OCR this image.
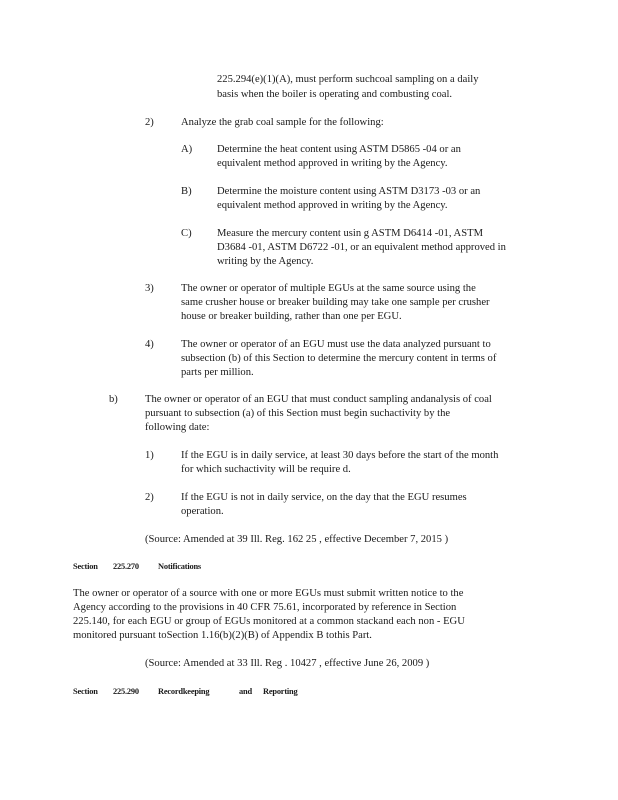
225.294(e)(1)(A), must perform suchcoal sampling on a daily
basis when the boiler is operating and combusting coal.
2)	Analyze the grab coal sample for the following:
A) Determine the heat content using ASTM D5865 -04 or an
equivalent method approved in writing by the Agency.
B) Determine the moisture content using ASTM D3173 -03 or an
equivalent method approved in writing by the Agency.
C) Measure the mercury content usin g ASTM D6414 -01, ASTM
D3684 -01, ASTM D6722 -01, or an equivalent method approved in
writing by the Agency.
3)	The owner or operator of multiple EGUs at the same source using the
same crusher house or breaker building may take one sample per crusher
house or breaker building, rather than one per EGU.
4)	The owner or operator of an EGU must use the data analyzed pursuant to
subsection (b) of this Section to determine the mercury content in terms of
parts per million.
b)	The owner or operator of an EGU that must conduct sampling andanalysis of coal
pursuant to subsection (a) of this Section must begin suchactivity by the
following date:
1)	If the EGU is in daily service, at least 30 days before the start of the month
for which suchactivity will be require d.
2)	If the EGU is not in daily service, on the day that the EGU resumes
operation.
(Source: Amended at 39 Ill. Reg. 162 25 , effective December 7, 2015 )
Section 225.270 Notifications
The owner or operator of a source with one or more EGUs must submit written notice to the
Agency according to the provisions in 40 CFR 75.61, incorporated by reference in Section
225.140, for each EGU or group of EGUs monitored at a common stackand each non - EGU
monitored pursuant toSection 1.16(b)(2)(B) of Appendix B tothis Part.
(Source: Amended at 33 Ill. Reg . 10427 , effective June 26, 2009 )
Section 225.290 Recordkeeping	and Reporting
